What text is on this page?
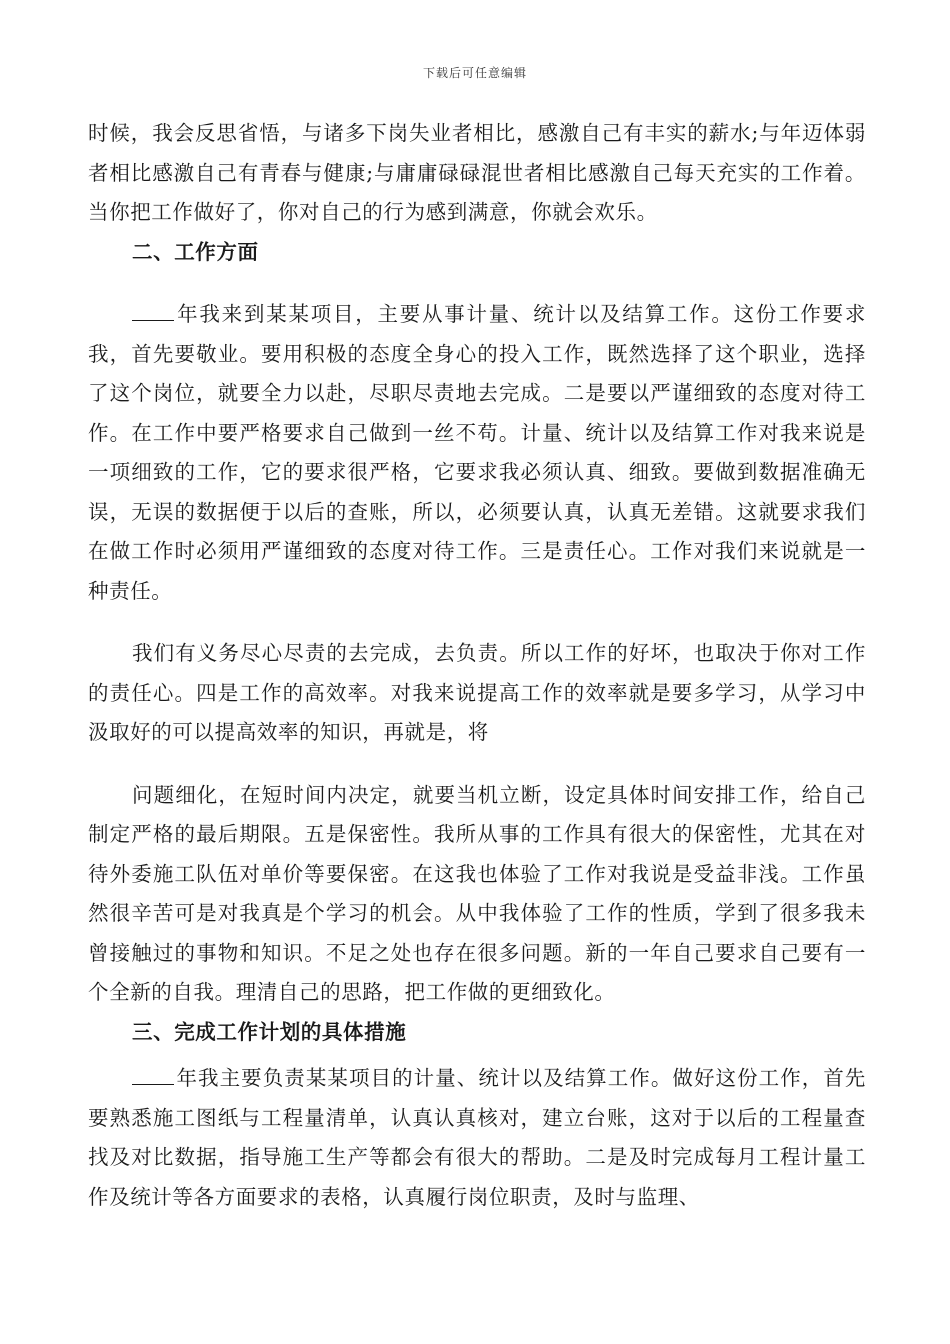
下载后可任意编辑

时候，我会反思省悟，与诸多下岗失业者相比，感激自己有丰实的薪水;与年迈体弱者相比感激自己有青春与健康;与庸庸碌碌混世者相比感激自己每天充实的工作着。当你把工作做好了，你对自己的行为感到满意，你就会欢乐。

二、工作方面

年我来到某某项目，主要从事计量、统计以及结算工作。这份工作要求我，首先要敬业。要用积极的态度全身心的投入工作，既然选择了这个职业，选择了这个岗位，就要全力以赴，尽职尽责地去完成。二是要以严谨细致的态度对待工作。在工作中要严格要求自己做到一丝不苟。计量、统计以及结算工作对我来说是一项细致的工作，它的要求很严格，它要求我必须认真、细致。要做到数据准确无误，无误的数据便于以后的查账，所以，必须要认真，认真无差错。这就要求我们在做工作时必须用严谨细致的态度对待工作。三是责任心。工作对我们来说就是一种责任。

我们有义务尽心尽责的去完成，去负责。所以工作的好坏，也取决于你对工作的责任心。四是工作的高效率。对我来说提高工作的效率就是要多学习，从学习中汲取好的可以提高效率的知识，再就是，将

问题细化，在短时间内决定，就要当机立断，设定具体时间安排工作，给自己制定严格的最后期限。五是保密性。我所从事的工作具有很大的保密性，尤其在对待外委施工队伍对单价等要保密。在这我也体验了工作对我说是受益非浅。工作虽然很辛苦可是对我真是个学习的机会。从中我体验了工作的性质，学到了很多我未曾接触过的事物和知识。不足之处也存在很多问题。新的一年自己要求自己要有一个全新的自我。理清自己的思路，把工作做的更细致化。

三、完成工作计划的具体措施

年我主要负责某某项目的计量、统计以及结算工作。做好这份工作，首先要熟悉施工图纸与工程量清单，认真认真核对，建立台账，这对于以后的工程量查找及对比数据，指导施工生产等都会有很大的帮助。二是及时完成每月工程计量工作及统计等各方面要求的表格，认真履行岗位职责，及时与监理、
